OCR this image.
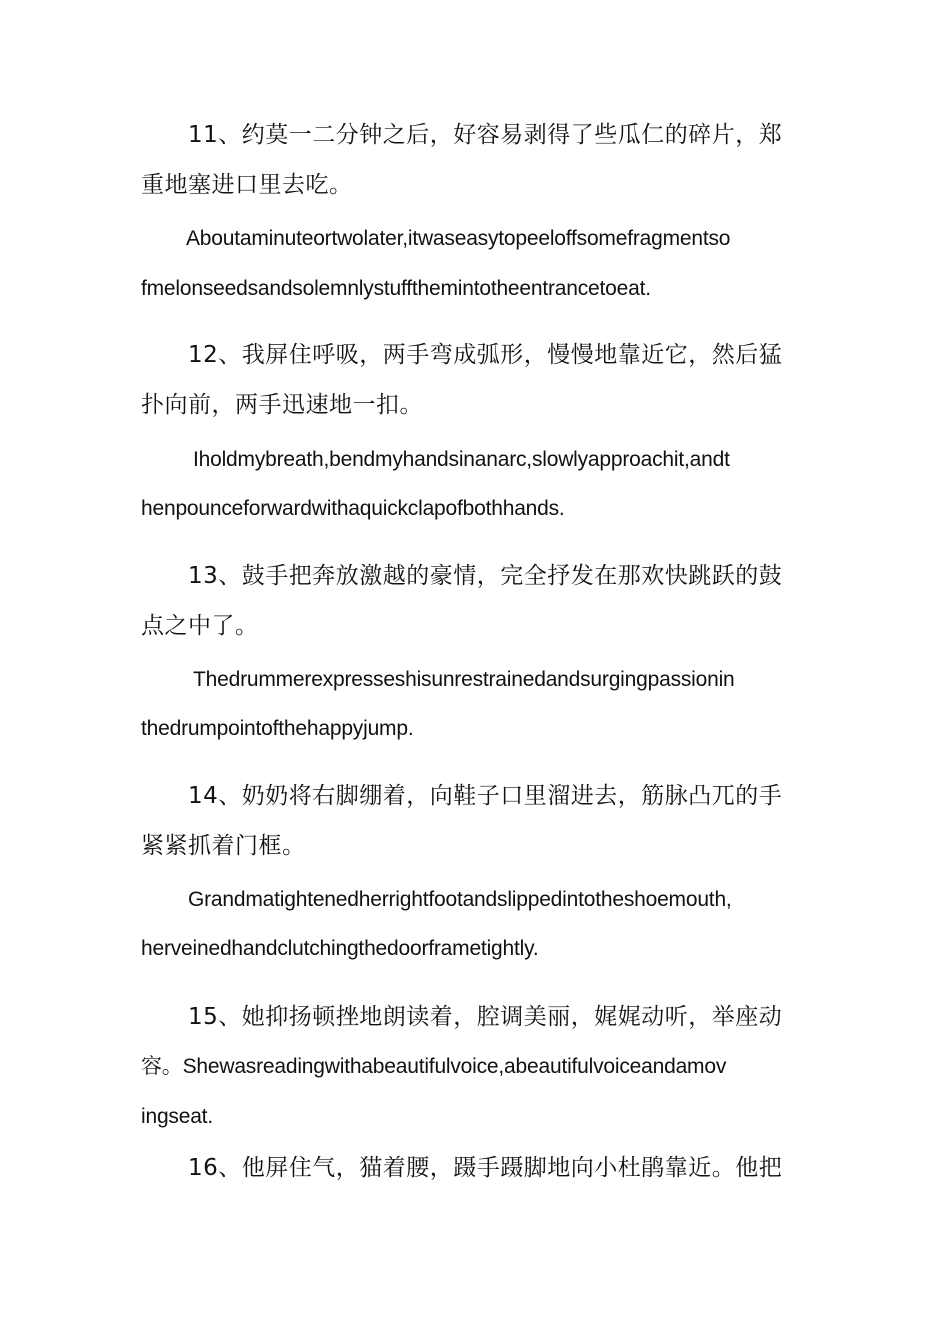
11、约莫一二分钟之后，好容易剥得了些瓜仁的碎片，郑
重地塞进口里去吃。
Aboutaminuteortwolater,itwaseasytopeeloffsomefragmentso
fmelonseedsandsolemnlystuffthemintotheentrancetoeat.
12、我屏住呼吸，两手弯成弧形，慢慢地靠近它，然后猛
扑向前，两手迅速地一扣。
Iholdmybreath,bendmyhandsinanarc,slowlyapproachit,andt
henpounceforwardwithaquickclapofbothhands.
13、鼓手把奔放激越的豪情，完全抒发在那欢快跳跃的鼓
点之中了。
Thedrummerexpresseshisunrestrainedandsurgingpassionin
thedrumpointofthehappyjump.
14、奶奶将右脚绷着，向鞋子口里溜进去，筋脉凸兀的手
紧紧抓着门框。
Grandmatightenedherrightfootandslippedintotheshoemouth,
herveinedhandclutchingthedoorframetightly.
15、她抑扬顿挫地朗读着，腔调美丽，娓娓动听，举座动
容。Shewasreadingwithabeautifulvoice,abeautifulvoiceandamov
ingseat.
16、他屏住气，猫着腰，蹑手蹑脚地向小杜鹃靠近。他把
